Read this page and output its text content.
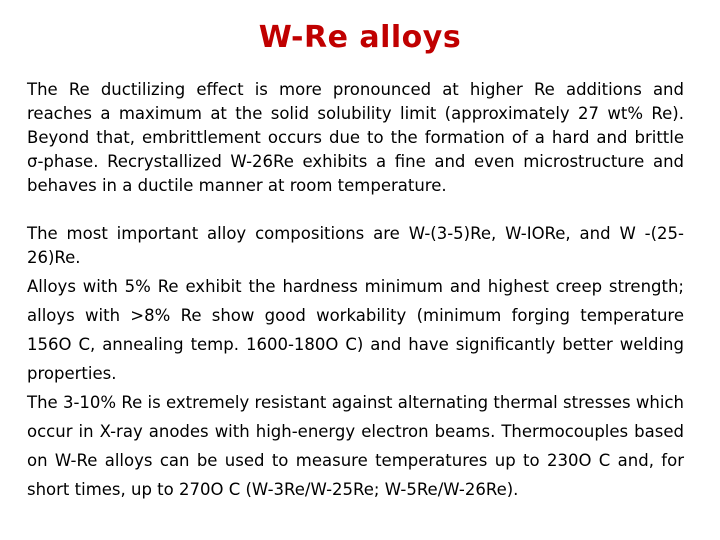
W-Re alloys

The Re ductilizing effect is more pronounced at higher Re additions and reaches a maximum at the solid solubility limit (approximately 27 wt% Re). Beyond that, embrittlement occurs due to the formation of a hard and brittle σ-phase. Recrystallized W-26Re exhibits a fine and even microstructure and behaves in a ductile manner at room temperature.

The most important alloy compositions are W-(3-5)Re, W-IORe, and W -(25-26)Re.

Alloys with 5% Re exhibit the hardness minimum and highest creep strength; alloys with >8% Re show good workability (minimum forging temperature 156O C, annealing temp. 1600-180O C) and have significantly better welding properties.

The 3-10% Re is extremely resistant against alternating thermal stresses which occur in X-ray anodes with high-energy electron beams. Thermocouples based on W-Re alloys can be used to measure temperatures up to 230O C and, for short times, up to 270O C (W-3Re/W-25Re; W-5Re/W-26Re).
